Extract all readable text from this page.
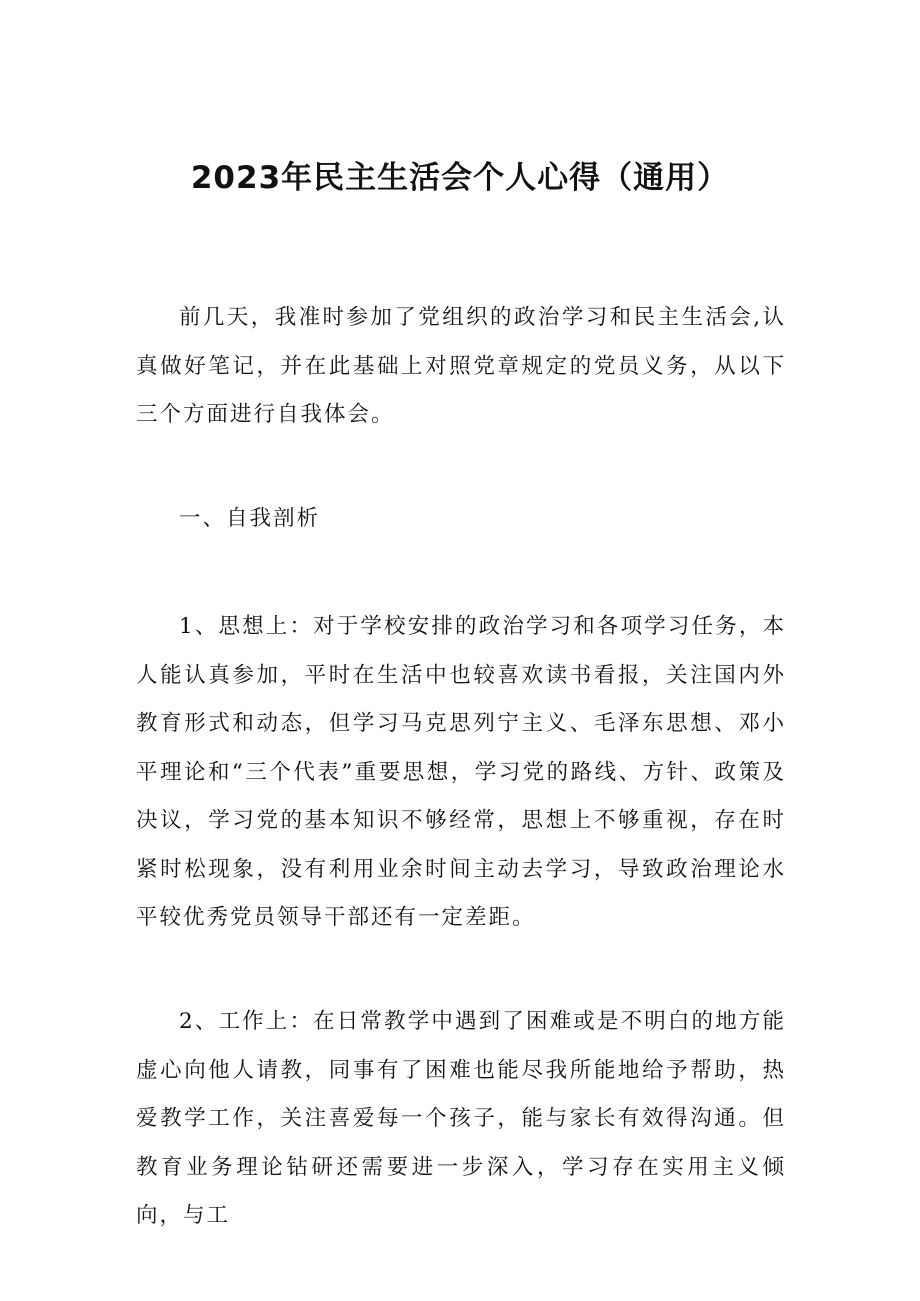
2023年民主生活会个人心得（通用）

前几天，我准时参加了党组织的政治学习和民主生活会,认真做好笔记，并在此基础上对照党章规定的党员义务，从以下三个方面进行自我体会。

一、自我剖析

1、思想上：对于学校安排的政治学习和各项学习任务，本人能认真参加，平时在生活中也较喜欢读书看报，关注国内外教育形式和动态，但学习马克思列宁主义、毛泽东思想、邓小平理论和“三个代表”重要思想，学习党的路线、方针、政策及决议，学习党的基本知识不够经常，思想上不够重视，存在时紧时松现象，没有利用业余时间主动去学习，导致政治理论水平较优秀党员领导干部还有一定差距。

2、工作上：在日常教学中遇到了困难或是不明白的地方能虚心向他人请教，同事有了困难也能尽我所能地给予帮助，热爱教学工作，关注喜爱每一个孩子，能与家长有效得沟通。但教育业务理论钻研还需要进一步深入，学习存在实用主义倾向，与工
